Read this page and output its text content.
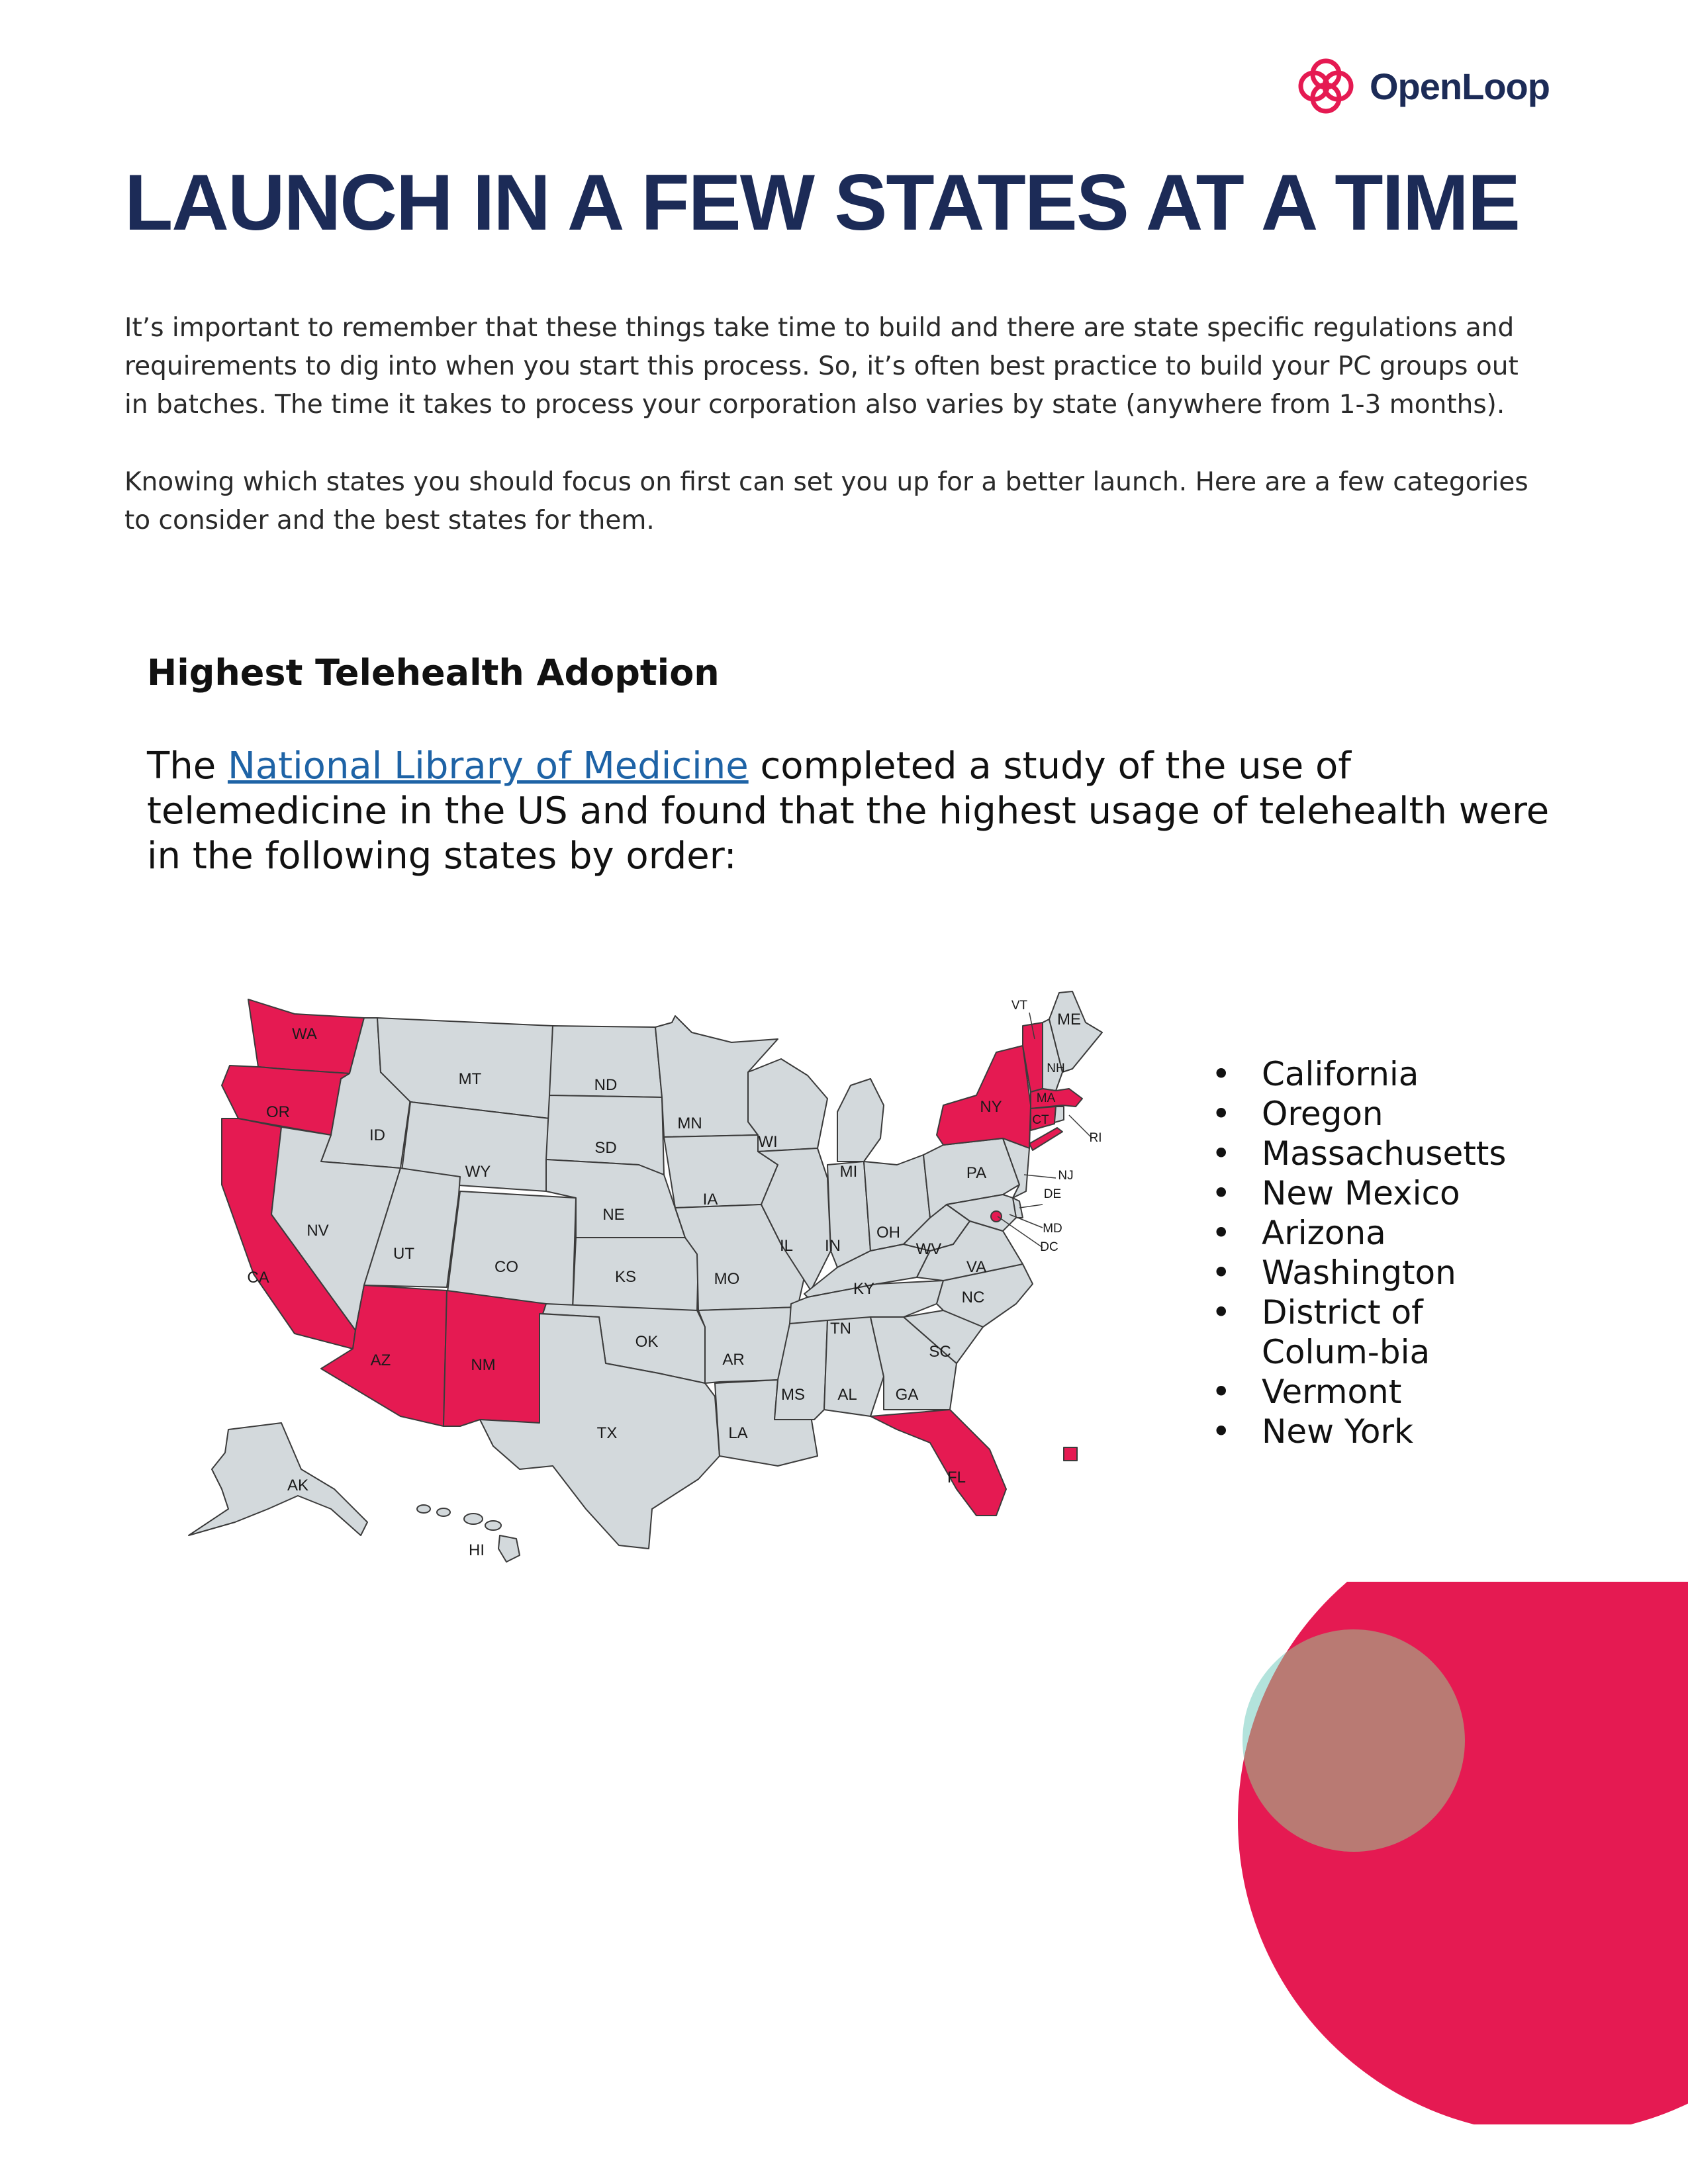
OpenLoop
LAUNCH IN A FEW STATES AT A TIME

It’s important to remember that these things take time to build and there are state specific regulations and requirements to dig into when you start this process. So, it’s often best practice to build your PC groups out in batches. The time it takes to process your corporation also varies by state (anywhere from 1-3 months).

Knowing which states you should focus on first can set you up for a better launch. Here are a few categories to consider and the best states for them.

Highest Telehealth Adoption

The National Library of Medicine completed a study of the use of telemedicine in the US and found that the highest usage of telehealth were in the following states by order:

WA
OR
CA
ID
NV
MT
WY
UT
CO
AZ	NM
ND
SD
NE
KS
OK
TX
MN
IA
MO
AR
LA
WI
IL
MI
IN
OH
KY
TN
MS AL GA
FL
SC
NC
VA
WV
PA
NY
VT
NH
ME
MA
CT
RI
NJ
DE
MD
DC
AK
HI
• California
• Oregon
• Massachusetts
• New Mexico
• Arizona
• Washington
• District of Colum-bia
• Vermont
• New York
